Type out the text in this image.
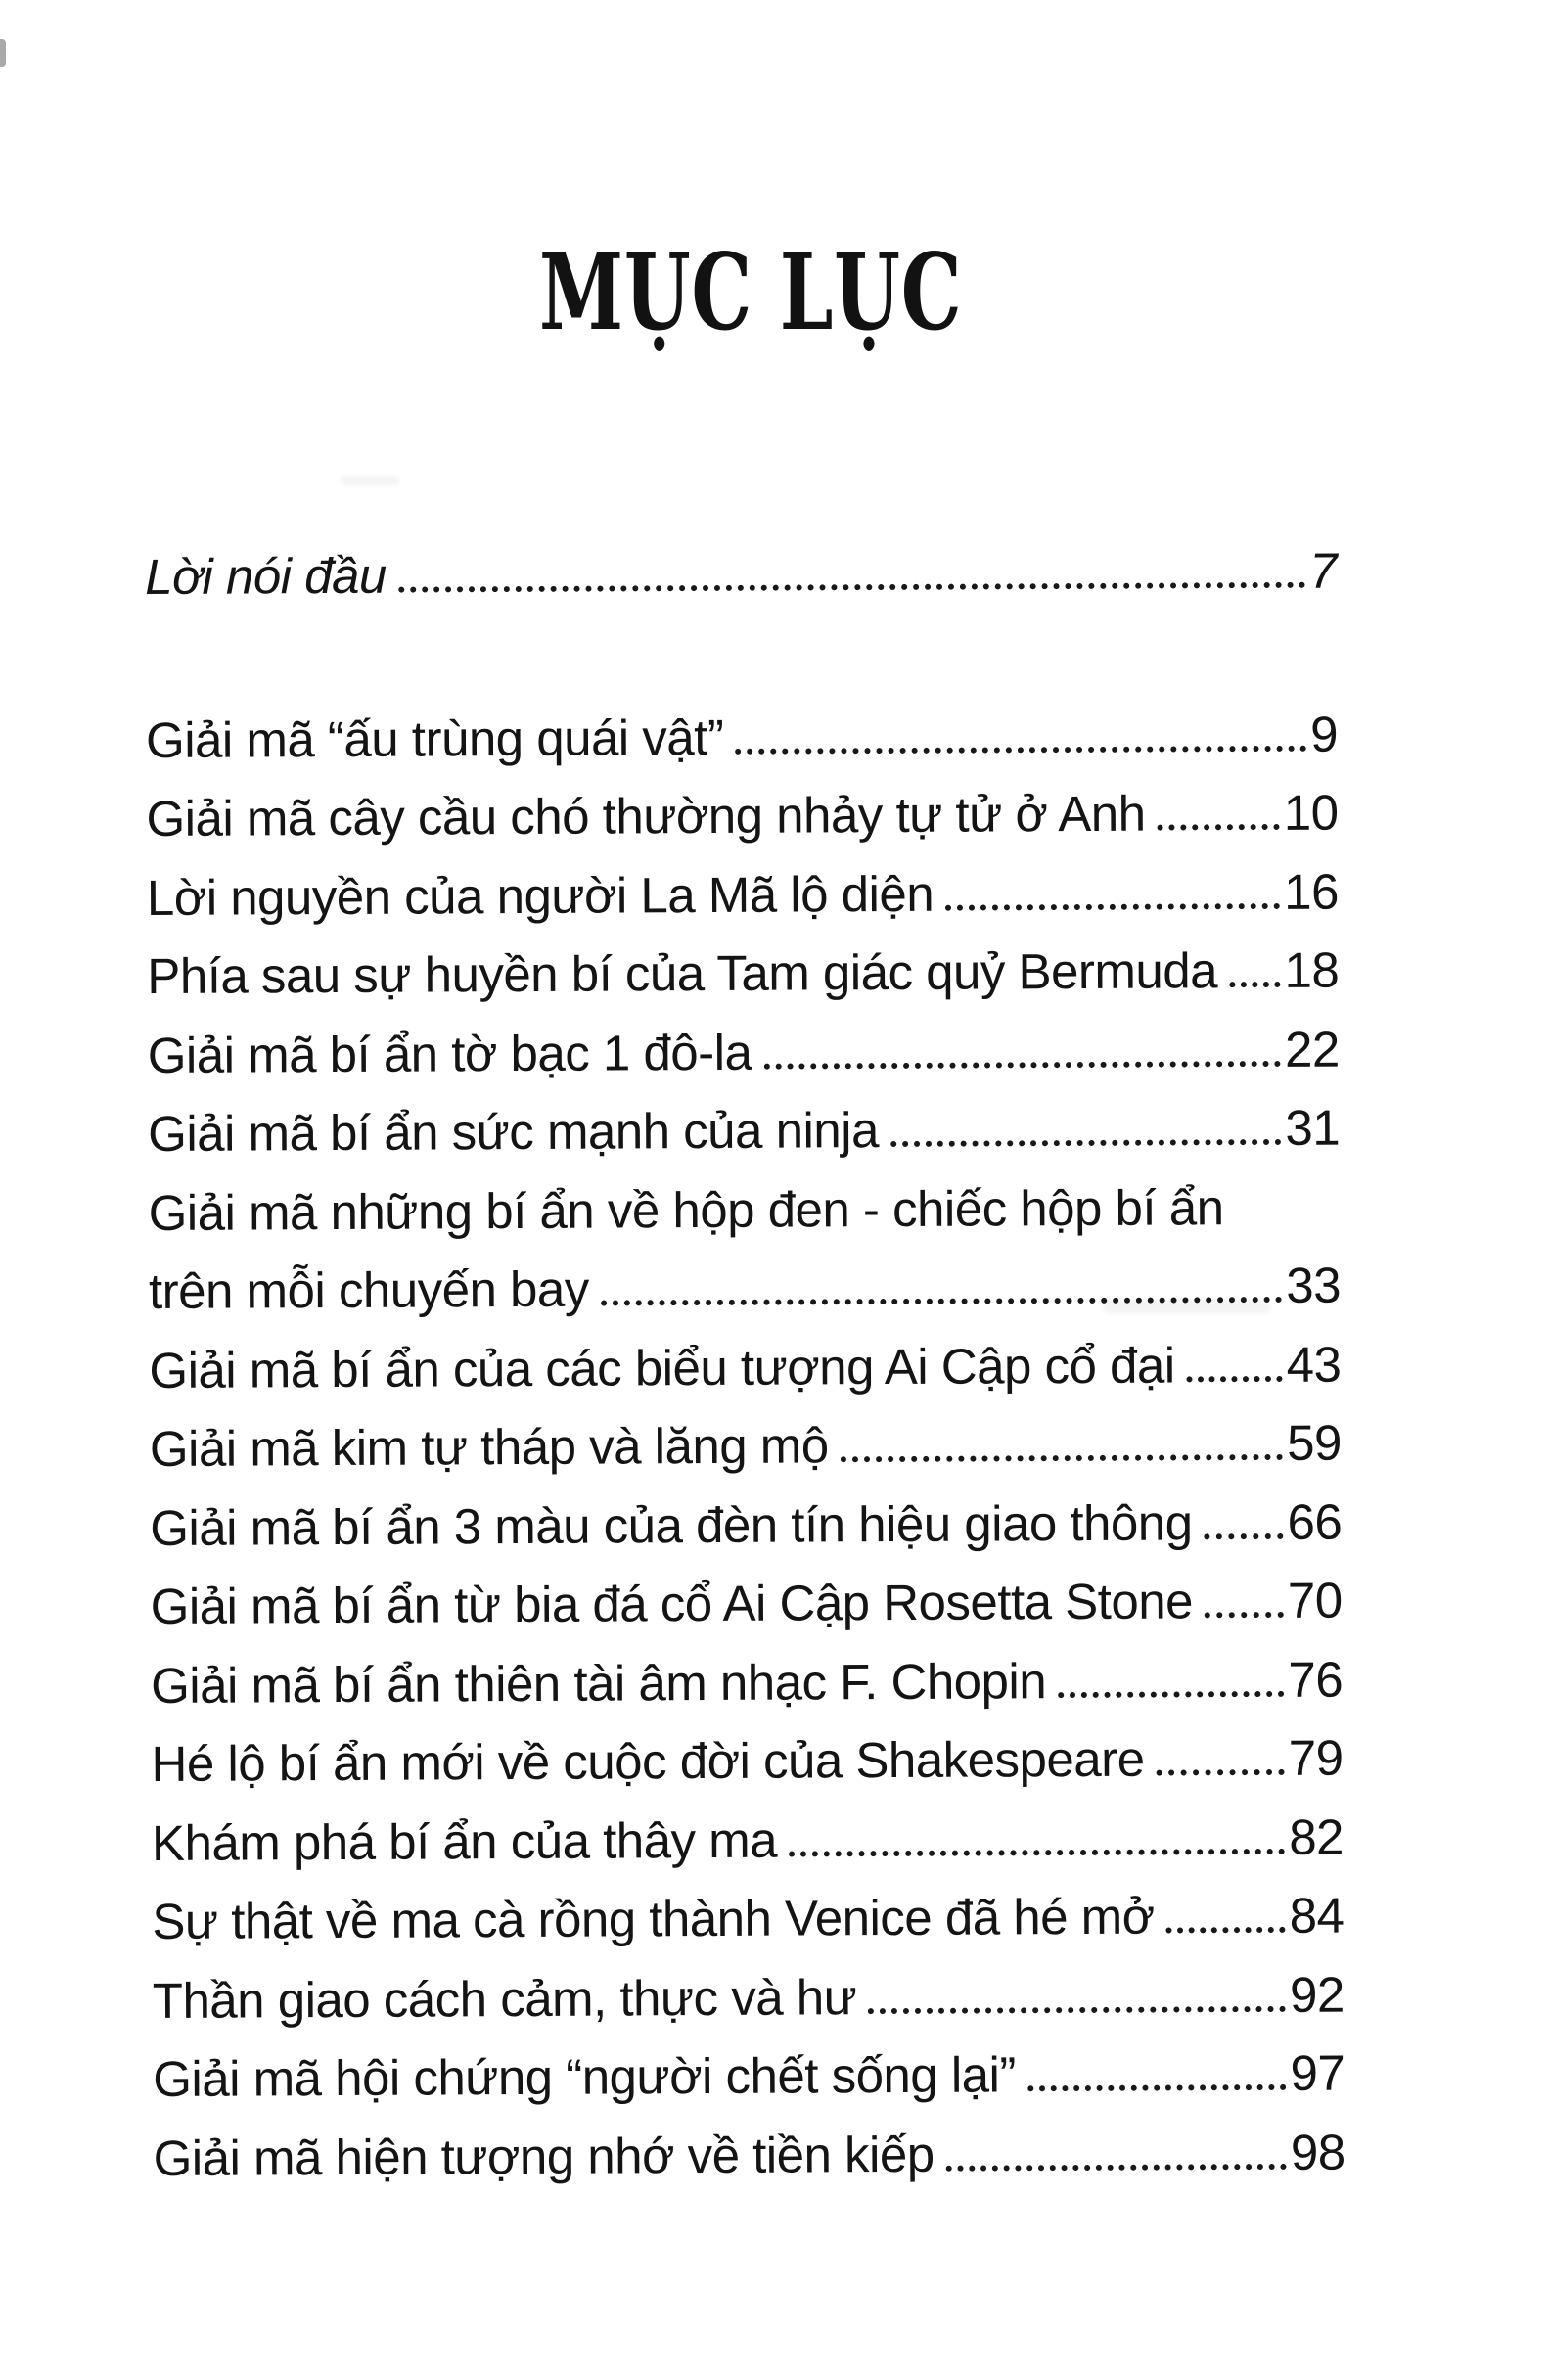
MỤC LỤC
Lời nói đầu	7
Giải mã “ấu trùng quái vật”	9
Giải mã cây cầu chó thường nhảy tự tử ở Anh	10
Lời nguyền của người La Mã lộ diện	16
Phía sau sự huyền bí của Tam giác quỷ Bermuda 18
Giải mã bí ẩn tờ bạc 1 đô-la	22
Giải mã bí ẩn sức mạnh của ninja	31
Giải mã những bí ẩn về hộp đen - chiếc hộp bí ẩn
trên mỗi chuyến bay	33
Giải mã bí ẩn của các biểu tượng Ai Cập cổ đại 43
Giải mã kim tự tháp và lăng mộ	59
Giải mã bí ẩn 3 màu của đèn tín hiệu giao thông 66
Giải mã bí ẩn từ bia đá cổ Ai Cập Rosetta Stone 70
Giải mã bí ẩn thiên tài âm nhạc F. Chopin	76
Hé lộ bí ẩn mới về cuộc đời của Shakespeare	79
Khám phá bí ẩn của thây ma	82
Sự thật về ma cà rồng thành Venice đã hé mở	84
Thần giao cách cảm, thực và hư	92
Giải mã hội chứng “người chết sống lại”	97
Giải mã hiện tượng nhớ về tiền kiếp	98
